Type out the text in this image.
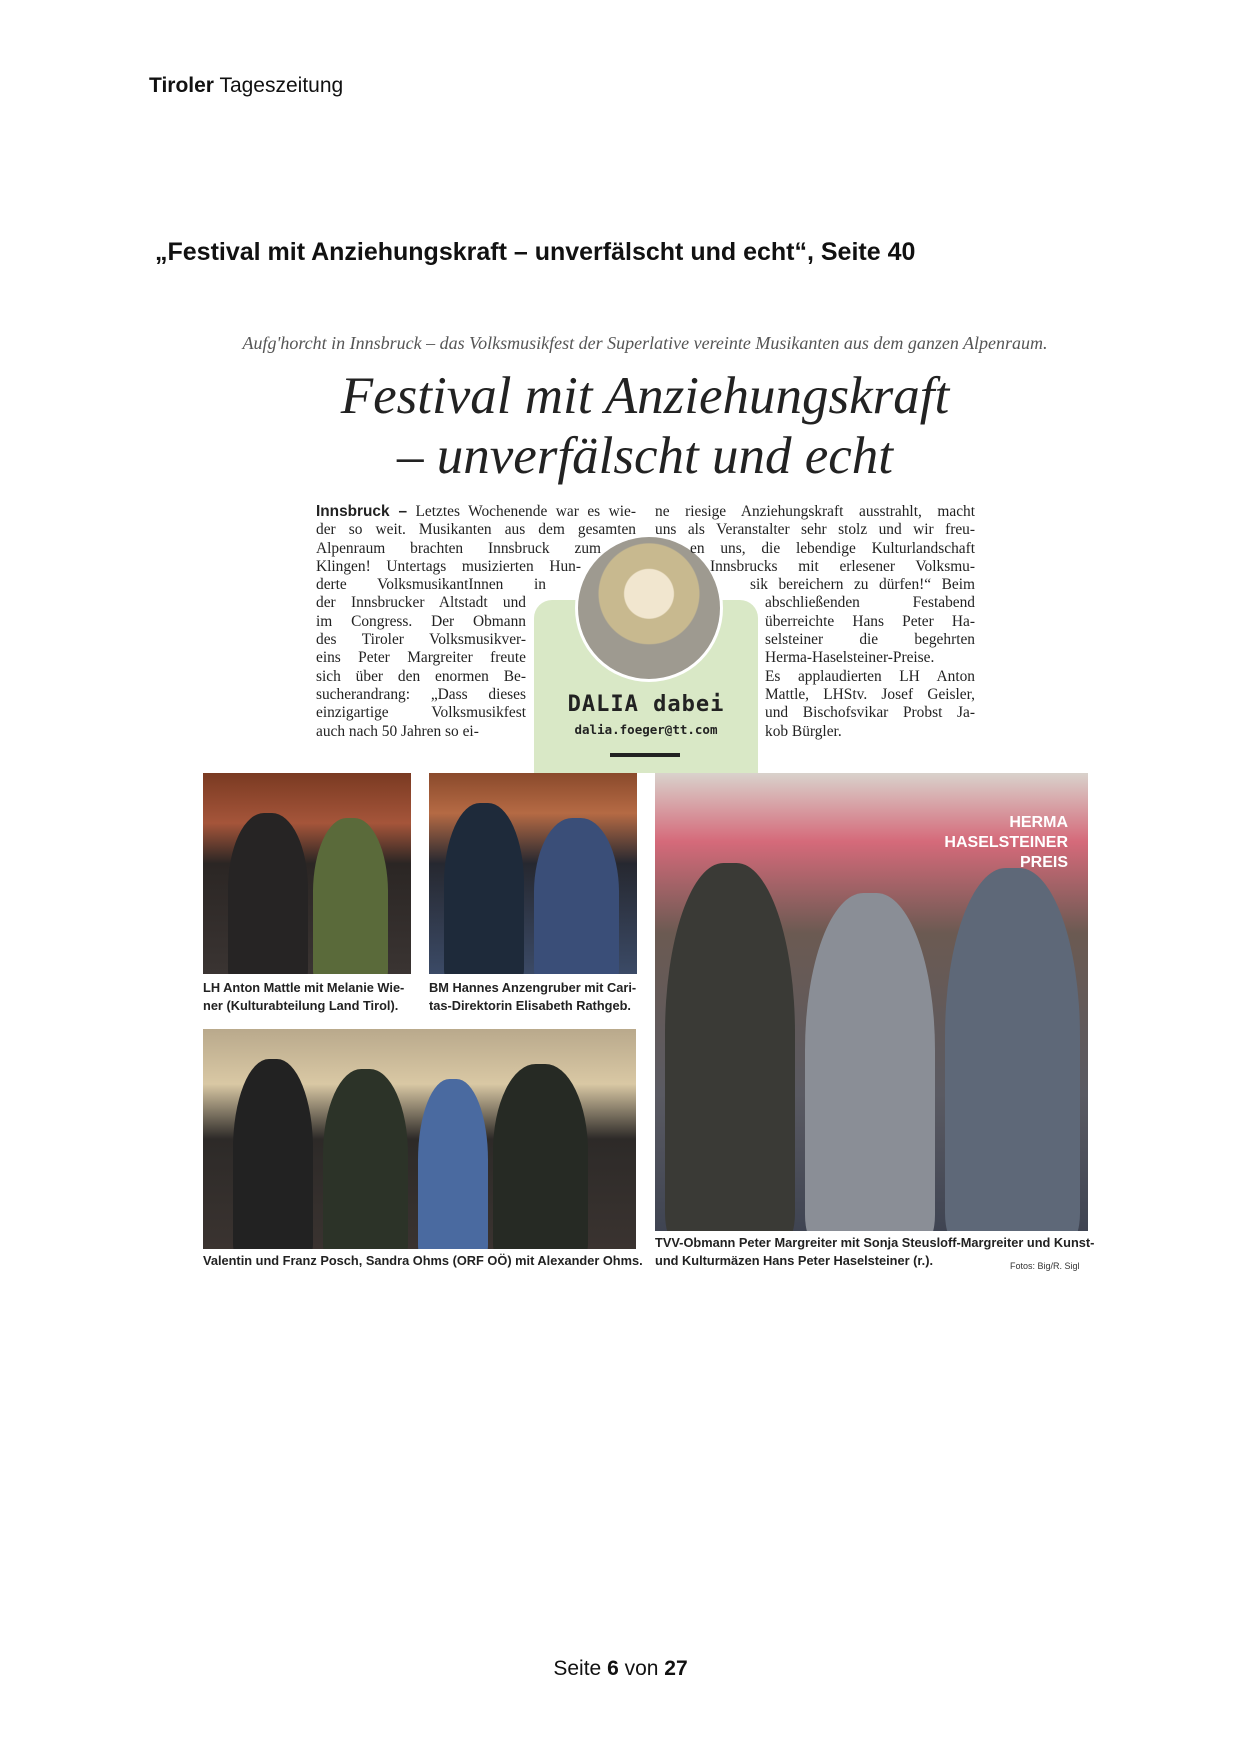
Tiroler Tageszeitung
„Festival mit Anziehungskraft – unverfälscht und echt“, Seite 40
Aufg'horcht in Innsbruck – das Volksmusikfest der Superlative vereinte Musikanten aus dem ganzen Alpenraum.
Festival mit Anziehungskraft
– unverfälscht und echt
DALIA dabei
dalia.foeger@tt.com
Innsbruck – Letztes Wochenende war es wie-
der so weit. Musikanten aus dem gesamten
Alpenraum brachten Innsbruck zum
Klingen! Untertags musizierten Hun-
derte VolksmusikantInnen in
der Innsbrucker Altstadt und
im Congress. Der Obmann
des Tiroler Volksmusikver-
eins Peter Margreiter freute
sich über den enormen Be-
sucherandrang: „Dass dieses
einzigartige Volksmusikfest
auch nach 50 Jahren so ei-
ne riesige Anziehungskraft ausstrahlt, macht
uns als Veranstalter sehr stolz und wir freu-
en uns, die lebendige Kulturlandschaft
Innsbrucks mit erlesener Volksmu-
sik bereichern zu dürfen!“ Beim
abschließenden Festabend
überreichte Hans Peter Ha-
selsteiner die begehrten
Herma-Haselsteiner-Preise.
Es applaudierten LH Anton
Mattle, LHStv. Josef Geisler,
und Bischofsvikar Probst Ja-
kob Bürgler.
HERMA HASELSTEINER PREIS
LH Anton Mattle mit Melanie Wie-
ner (Kulturabteilung Land Tirol).
BM Hannes Anzengruber mit Cari-
tas-Direktorin Elisabeth Rathgeb.
Valentin und Franz Posch, Sandra Ohms (ORF OÖ) mit Alexander Ohms.
TVV-Obmann Peter Margreiter mit Sonja Steusloff-Margreiter und Kunst-
und Kulturmäzen Hans Peter Haselsteiner (r.).	Fotos: Big/R. Sigl
Seite 6 von 27
